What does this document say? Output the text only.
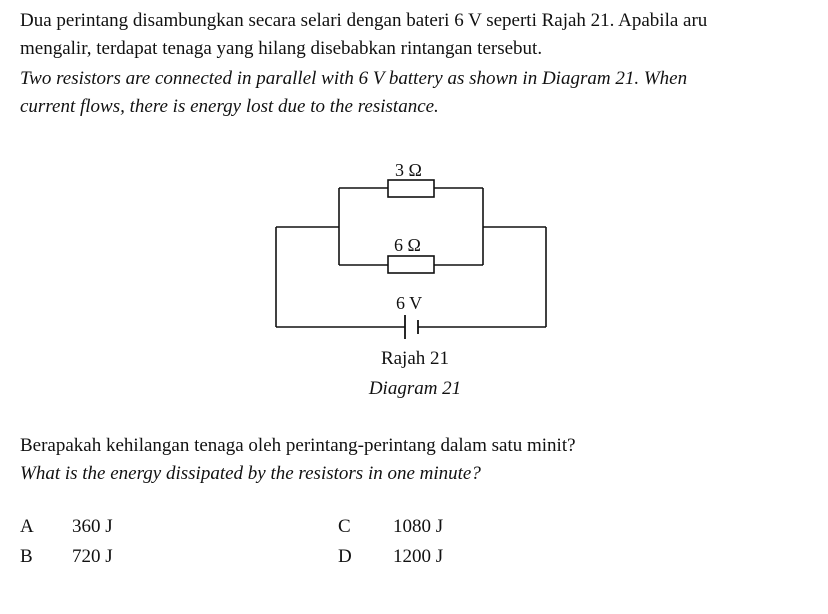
Dua perintang disambungkan secara selari dengan bateri 6 V seperti Rajah 21. Apabila aru
mengalir, terdapat tenaga yang hilang disebabkan rintangan tersebut.
Two resistors are connected in parallel with 6 V battery as shown in Diagram 21. When
current flows, there is energy lost due to the resistance.
3 Ω
6 Ω
6 V
Rajah 21
Diagram 21
Berapakah kehilangan tenaga oleh perintang-perintang dalam satu minit?
What is the energy dissipated by the resistors in one minute?
A 360 J
B 720 J
C 1080 J
D 1200 J
